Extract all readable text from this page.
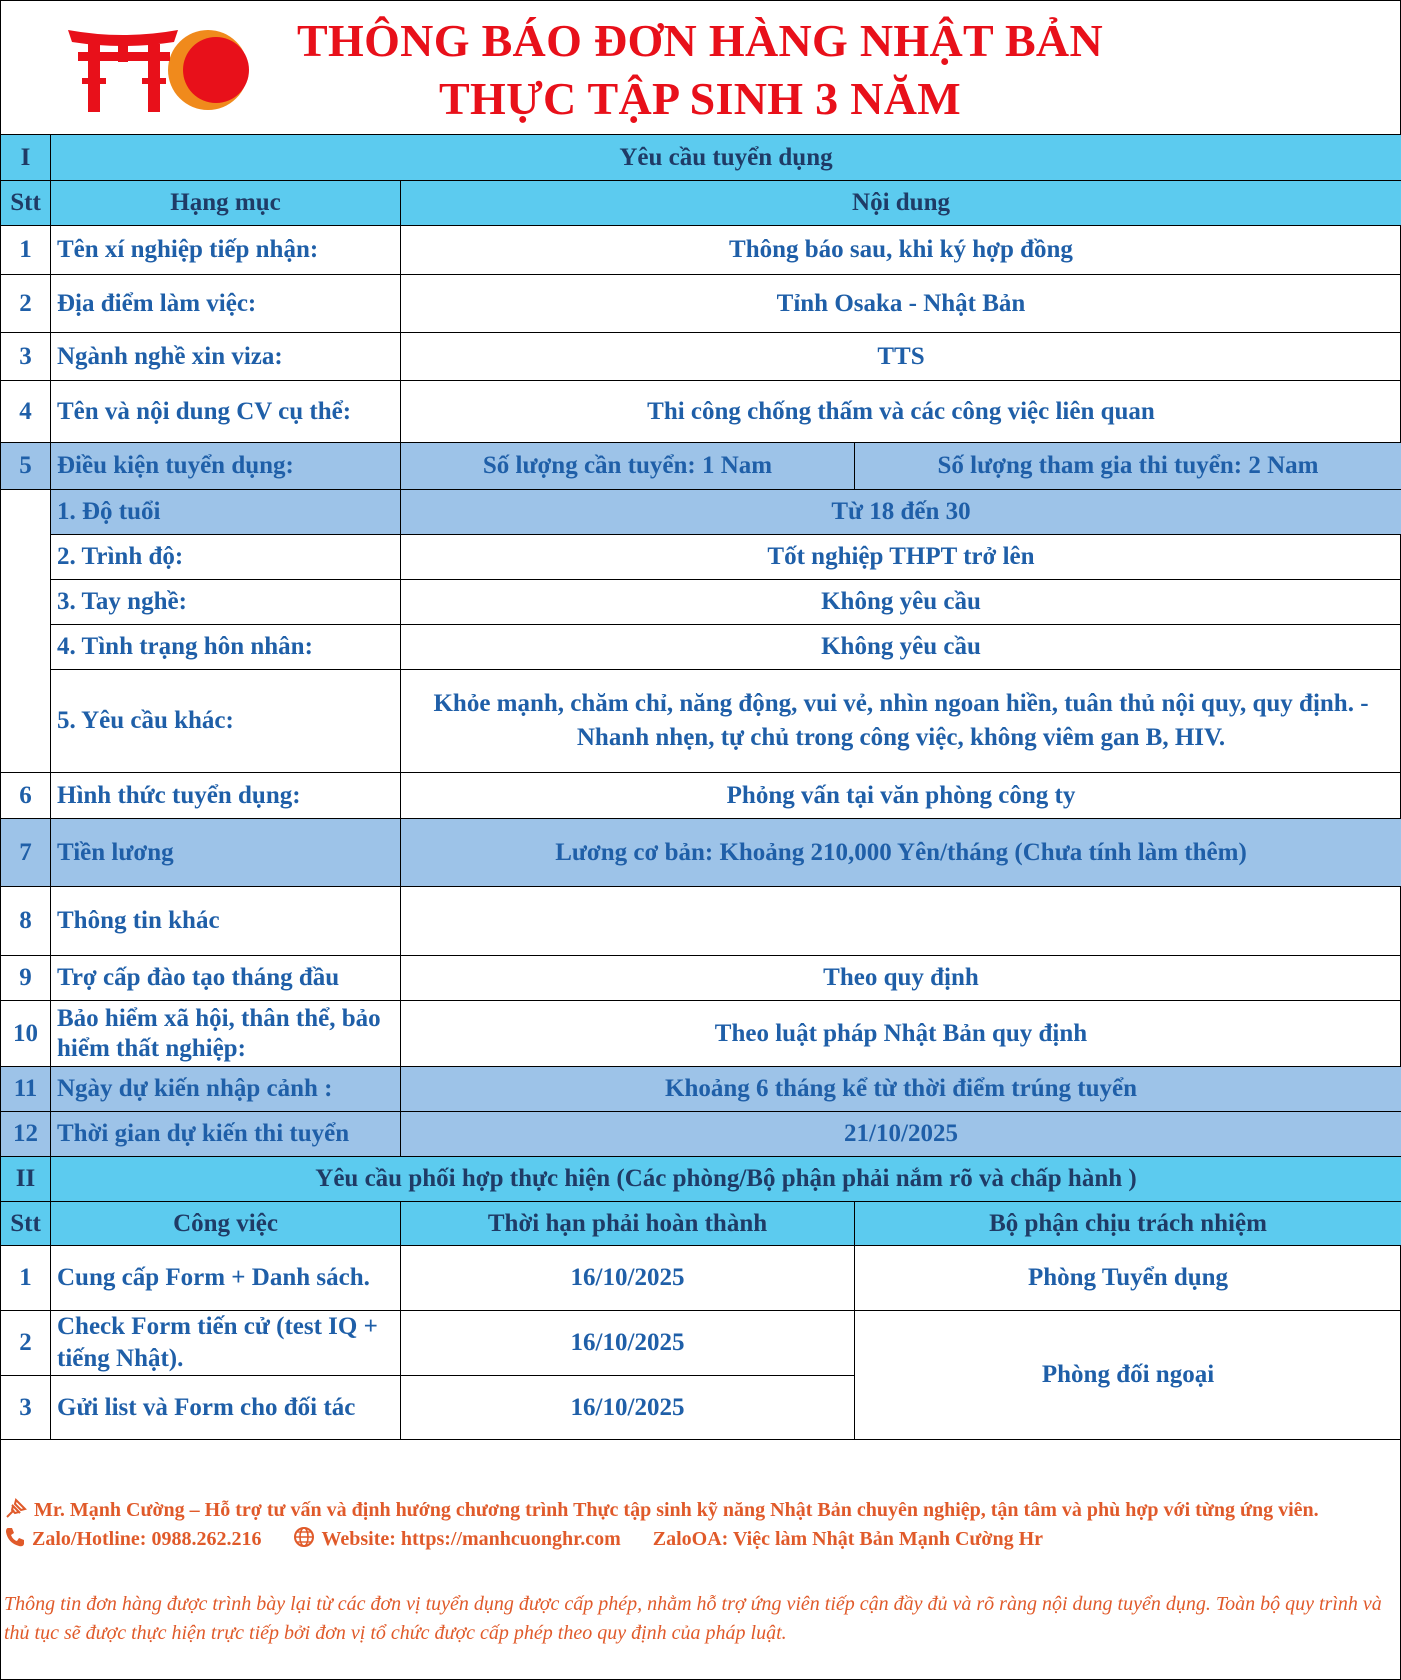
THÔNG BÁO ĐƠN HÀNG NHẬT BẢN
THỰC TẬP SINH 3 NĂM
I	Yêu cầu tuyển dụng		
Stt	Hạng mục	Nội dung	
1	Tên xí nghiệp tiếp nhận:	Thông báo sau, khi ký hợp đồng	
2	Địa điểm làm việc:	Tỉnh Osaka - Nhật Bản	
3	Ngành nghề xin viza:	TTS	
4	Tên và nội dung CV cụ thể:	Thi công chống thấm và các công việc liên quan	
5	Điều kiện tuyển dụng:	Số lượng cần tuyển: 1 Nam	Số lượng tham gia thi tuyển: 2 Nam
	1. Độ tuổi	Từ 18 đến 30	
	2. Trình độ:	Tốt nghiệp THPT trở lên	
	3. Tay nghề:	Không yêu cầu	
	4. Tình trạng hôn nhân:	Không yêu cầu	
	5. Yêu cầu khác:	Khỏe mạnh, chăm chỉ, năng động, vui vẻ, nhìn ngoan hiền, tuân thủ nội quy, quy định. - Nhanh nhẹn, tự chủ trong công việc, không viêm gan B, HIV.	
6	Hình thức tuyển dụng:	Phỏng vấn tại văn phòng công ty	
7	Tiền lương	Lương cơ bản: Khoảng 210,000 Yên/tháng (Chưa tính làm thêm)	
8	Thông tin khác		
9	Trợ cấp đào tạo tháng đầu	Theo quy định	
10	Bảo hiểm xã hội, thân thể, bảo hiểm thất nghiệp:	Theo luật pháp Nhật Bản quy định	
11	Ngày dự kiến nhập cảnh :	Khoảng 6 tháng kể từ thời điểm trúng tuyển	
12	Thời gian dự kiến thi tuyển	21/10/2025	
II	Yêu cầu phối hợp thực hiện (Các phòng/Bộ phận phải nắm rõ và chấp hành )		
Stt	Công việc	Thời hạn phải hoàn thành	Bộ phận chịu trách nhiệm
1	Cung cấp Form + Danh sách.	16/10/2025	Phòng Tuyển dụng
2	Check Form tiến cử (test IQ + tiếng Nhật).	16/10/2025	Phòng đối ngoại
3	Gửi list và Form cho đối tác	16/10/2025	
Mr. Mạnh Cường – Hỗ trợ tư vấn và định hướng chương trình Thực tập sinh kỹ năng Nhật Bản chuyên nghiệp, tận tâm và phù hợp với từng ứng viên.
Zalo/Hotline: 0988.262.216	Website: https://manhcuonghr.com ZaloOA: Việc làm Nhật Bản Mạnh Cường Hr
Thông tin đơn hàng được trình bày lại từ các đơn vị tuyển dụng được cấp phép, nhằm hỗ trợ ứng viên tiếp cận đầy đủ và rõ ràng nội dung tuyển dụng. Toàn bộ quy trình và thủ tục sẽ được thực hiện trực tiếp bởi đơn vị tổ chức được cấp phép theo quy định của pháp luật.
